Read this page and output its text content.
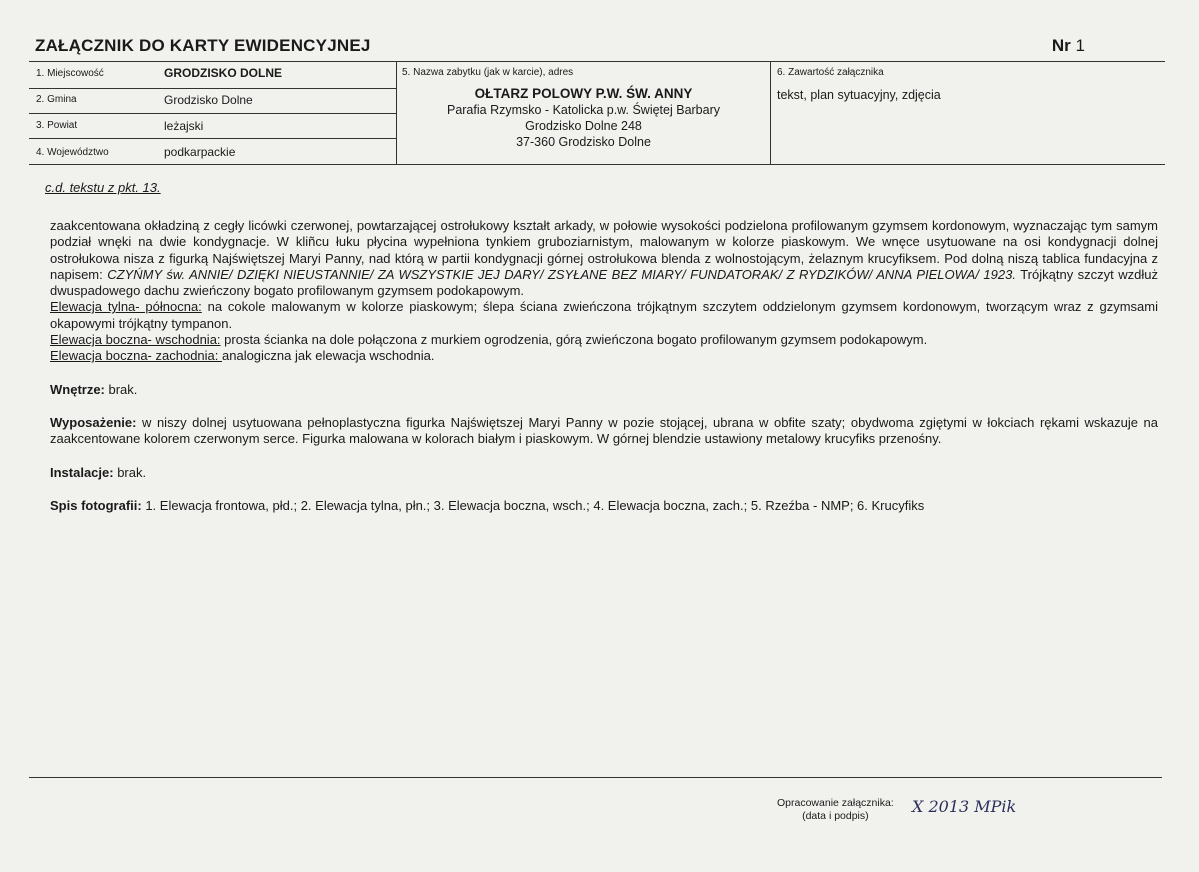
ZAŁĄCZNIK DO KARTY EWIDENCYJNEJ	Nr 1
1. Miejscowość	GRODZISKO DOLNE
2. Gmina	Grodzisko Dolne
3. Powiat	leżajski
4. Województwo	podkarpackie
5. Nazwa zabytku (jak w karcie), adres
OŁTARZ POLOWY P.W. ŚW. ANNY
Parafia Rzymsko - Katolicka p.w. Świętej Barbary
Grodzisko Dolne 248
37-360 Grodzisko Dolne
6. Zawartość załącznika
tekst, plan sytuacyjny, zdjęcia
c.d. tekstu z pkt. 13.

zaakcentowana okładziną z cegły licówki czerwonej, powtarzającej ostrołukowy kształt arkady, w połowie wysokości podzielona profilowanym gzymsem kordonowym, wyznaczając tym samym podział wnęki na dwie kondygnacje. W kliñcu łuku płycina wypełniona tynkiem gruboziarnistym, malowanym w kolorze piaskowym. We wnęce usytuowane na osi kondygnacji dolnej ostrołukowa nisza z figurką Najświętszej Maryi Panny, nad którą w partii kondygnacji górnej ostrołukowa blenda z wolnostojącym, żelaznym krucyfiksem. Pod dolną niszą tablica fundacyjna z napisem: CZYŃMY św. ANNIE/ DZIĘKI NIEUSTANNIE/ ZA WSZYSTKIE JEJ DARY/ ZSYŁANE BEZ MIARY/ FUNDATORAK/ Z RYDZIKÓW/ ANNA PIELOWA/ 1923. Trójkątny szczyt wzdłuż dwuspadowego dachu zwieńczony bogato profilowanym gzymsem podokapowym.

Elewacja tylna- północna: na cokole malowanym w kolorze piaskowym; ślepa ściana zwieńczona trójkątnym szczytem oddzielonym gzymsem kordonowym, tworzącym wraz z gzymsami okapowymi trójkątny tympanon.

Elewacja boczna- wschodnia: prosta ścianka na dole połączona z murkiem ogrodzenia, górą zwieńczona bogato profilowanym gzymsem podokapowym.

Elewacja boczna- zachodnia: analogiczna jak elewacja wschodnia.

Wnętrze: brak.

Wyposażenie: w niszy dolnej usytuowana pełnoplastyczna figurka Najświętszej Maryi Panny w pozie stojącej, ubrana w obfite szaty; obydwoma zgiętymi w łokciach rękami wskazuje na zaakcentowane kolorem czerwonym serce. Figurka malowana w kolorach białym i piaskowym. W górnej blendzie ustawiony metalowy krucyfiks przenośny.

Instalacje: brak.

Spis fotografii: 1. Elewacja frontowa, płd.; 2. Elewacja tylna, płn.; 3. Elewacja boczna, wsch.; 4. Elewacja boczna, zach.; 5. Rzeźba - NMP; 6. Krucyfiks

Opracowanie załącznika:
(data i podpis)	X 2013 MPik
